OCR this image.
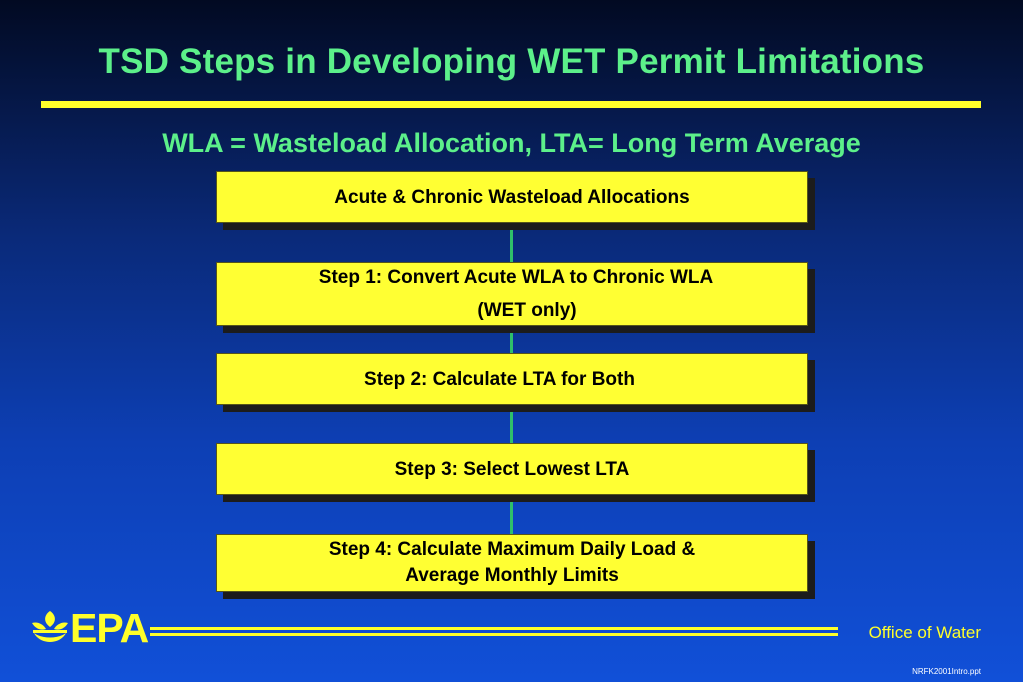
TSD Steps in Developing WET Permit Limitations
WLA = Wasteload Allocation, LTA= Long Term Average
Acute & Chronic Wasteload Allocations
Step 1: Convert Acute WLA to Chronic WLA
(WET only)
Step 2: Calculate LTA for Both
Step 3: Select Lowest LTA
Step 4: Calculate Maximum Daily Load &
Average Monthly Limits
EPA	Office of Water
NRFK2001Intro.ppt
